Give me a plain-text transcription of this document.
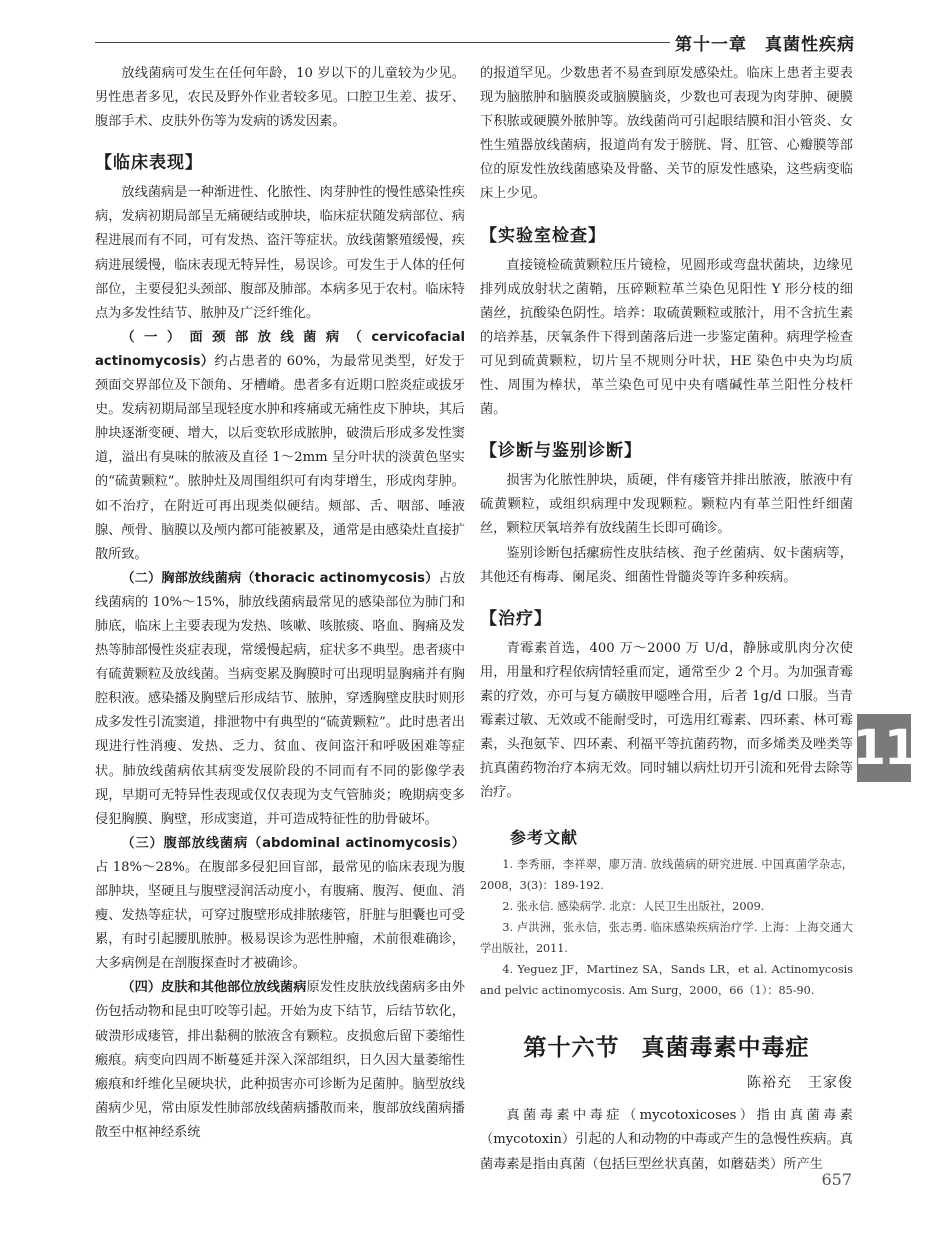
第十一章 真菌性疾病

放线菌病可发生在任何年龄，10 岁以下的儿童较为少见。男性患者多见，农民及野外作业者较多见。口腔卫生差、拔牙、腹部手术、皮肤外伤等为发病的诱发因素。

【临床表现】

放线菌病是一种渐进性、化脓性、肉芽肿性的慢性感染性疾病，发病初期局部呈无痛硬结或肿块，临床症状随发病部位、病程进展而有不同，可有发热、盗汗等症状。放线菌繁殖缓慢，疾病进展缓慢，临床表现无特异性，易误诊。可发生于人体的任何部位，主要侵犯头颈部、腹部及肺部。本病多见于农村。临床特点为多发性结节、脓肿及广泛纤维化。

（一）面颈部放线菌病（cervicofacial actinomycosis）约占患者的 60%，为最常见类型，好发于颈面交界部位及下颌角、牙槽嵴。患者多有近期口腔炎症或拔牙史。发病初期局部呈现轻度水肿和疼痛或无痛性皮下肿块，其后肿块逐渐变硬、增大，以后变软形成脓肿，破溃后形成多发性窦道，溢出有臭味的脓液及直径 1～2mm 呈分叶状的淡黄色坚实的“硫黄颗粒”。脓肿灶及周围组织可有肉芽增生，形成肉芽肿。如不治疗，在附近可再出现类似硬结。颊部、舌、咽部、唾液腺、颅骨、脑膜以及颅内都可能被累及，通常是由感染灶直接扩散所致。

（二）胸部放线菌病（thoracic actinomycosis）占放线菌病的 10%～15%，肺放线菌病最常见的感染部位为肺门和肺底，临床上主要表现为发热、咳嗽、咳脓痰、咯血、胸痛及发热等肺部慢性炎症表现，常缓慢起病，症状多不典型。患者痰中有硫黄颗粒及放线菌。当病变累及胸膜时可出现明显胸痛并有胸腔积液。感染播及胸壁后形成结节、脓肿，穿透胸壁皮肤时则形成多发性引流窦道，排泄物中有典型的“硫黄颗粒”。此时患者出现进行性消瘦、发热、乏力、贫血、夜间盗汗和呼吸困难等症状。肺放线菌病依其病变发展阶段的不同而有不同的影像学表现，早期可无特异性表现或仅仅表现为支气管肺炎；晚期病变多侵犯胸膜、胸壁，形成窦道，并可造成特征性的肋骨破坏。

（三）腹部放线菌病（abdominal actinomycosis）占 18%～28%。在腹部多侵犯回盲部，最常见的临床表现为腹部肿块，坚硬且与腹壁浸润活动度小，有腹痛、腹泻、便血、消瘦、发热等症状，可穿过腹壁形成排脓瘘管，肝脏与胆囊也可受累，有时引起腰肌脓肿。极易误诊为恶性肿瘤，术前很难确诊，大多病例是在剖腹探查时才被确诊。

（四）皮肤和其他部位放线菌病原发性皮肤放线菌病多由外伤包括动物和昆虫叮咬等引起。开始为皮下结节，后结节软化，破溃形成瘘管，排出黏稠的脓液含有颗粒。皮损愈后留下萎缩性瘢痕。病变向四周不断蔓延并深入深部组织，日久因大量萎缩性瘢痕和纤维化呈硬块状，此种损害亦可诊断为足菌肿。脑型放线菌病少见，常由原发性肺部放线菌病播散而来，腹部放线菌病播散至中枢神经系统

的报道罕见。少数患者不易查到原发感染灶。临床上患者主要表现为脑脓肿和脑膜炎或脑膜脑炎，少数也可表现为肉芽肿、硬膜下积脓或硬膜外脓肿等。放线菌尚可引起眼结膜和泪小管炎、女性生殖器放线菌病，报道尚有发于膀胱、肾、肛管、心瓣膜等部位的原发性放线菌感染及骨骼、关节的原发性感染，这些病变临床上少见。

【实验室检查】

直接镜检硫黄颗粒压片镜检，见圆形或弯盘状菌块，边缘见排列成放射状之菌鞘，压碎颗粒革兰染色见阳性 Y 形分枝的细菌丝，抗酸染色阴性。培养：取硫黄颗粒或脓汁，用不含抗生素的培养基，厌氧条件下得到菌落后进一步鉴定菌种。病理学检查可见到硫黄颗粒，切片呈不规则分叶状，HE 染色中央为均质性、周围为棒状，革兰染色可见中央有嗜碱性革兰阳性分枝杆菌。

【诊断与鉴别诊断】

损害为化脓性肿块，质硬，伴有瘘管并排出脓液，脓液中有硫黄颗粒，或组织病理中发现颗粒。颗粒内有革兰阳性纤细菌丝，颗粒厌氧培养有放线菌生长即可确诊。

鉴别诊断包括瘰疬性皮肤结核、孢子丝菌病、奴卡菌病等，其他还有梅毒、阑尾炎、细菌性骨髓炎等许多种疾病。

【治疗】

青霉素首选，400 万～2000 万 U/d，静脉或肌肉分次使用，用量和疗程依病情轻重而定，通常至少 2 个月。为加强青霉素的疗效，亦可与复方磺胺甲噁唑合用，后者 1g/d 口服。当青霉素过敏、无效或不能耐受时，可选用红霉素、四环素、林可霉素，头孢氨苄、四环素、利福平等抗菌药物，而多烯类及唑类等抗真菌药物治疗本病无效。同时辅以病灶切开引流和死骨去除等治疗。

参考文献

1. 李秀丽，李祥翠，廖万清. 放线菌病的研究进展. 中国真菌学杂志，2008，3(3)：189-192.

2. 张永信. 感染病学. 北京：人民卫生出版社，2009.

3. 卢洪洲，张永信，张志勇. 临床感染疾病治疗学. 上海：上海交通大学出版社，2011.

4. Yeguez JF，Martinez SA，Sands LR，et al. Actinomycosis and pelvic actinomycosis. Am Surg，2000，66（1）：85-90.

第十六节 真菌毒素中毒症
陈裕充 王家俊

真菌毒素中毒症（mycotoxicoses）指由真菌毒素（mycotoxin）引起的人和动物的中毒或产生的急慢性疾病。真菌毒素是指由真菌（包括巨型丝状真菌，如蘑菇类）所产生

11
657
